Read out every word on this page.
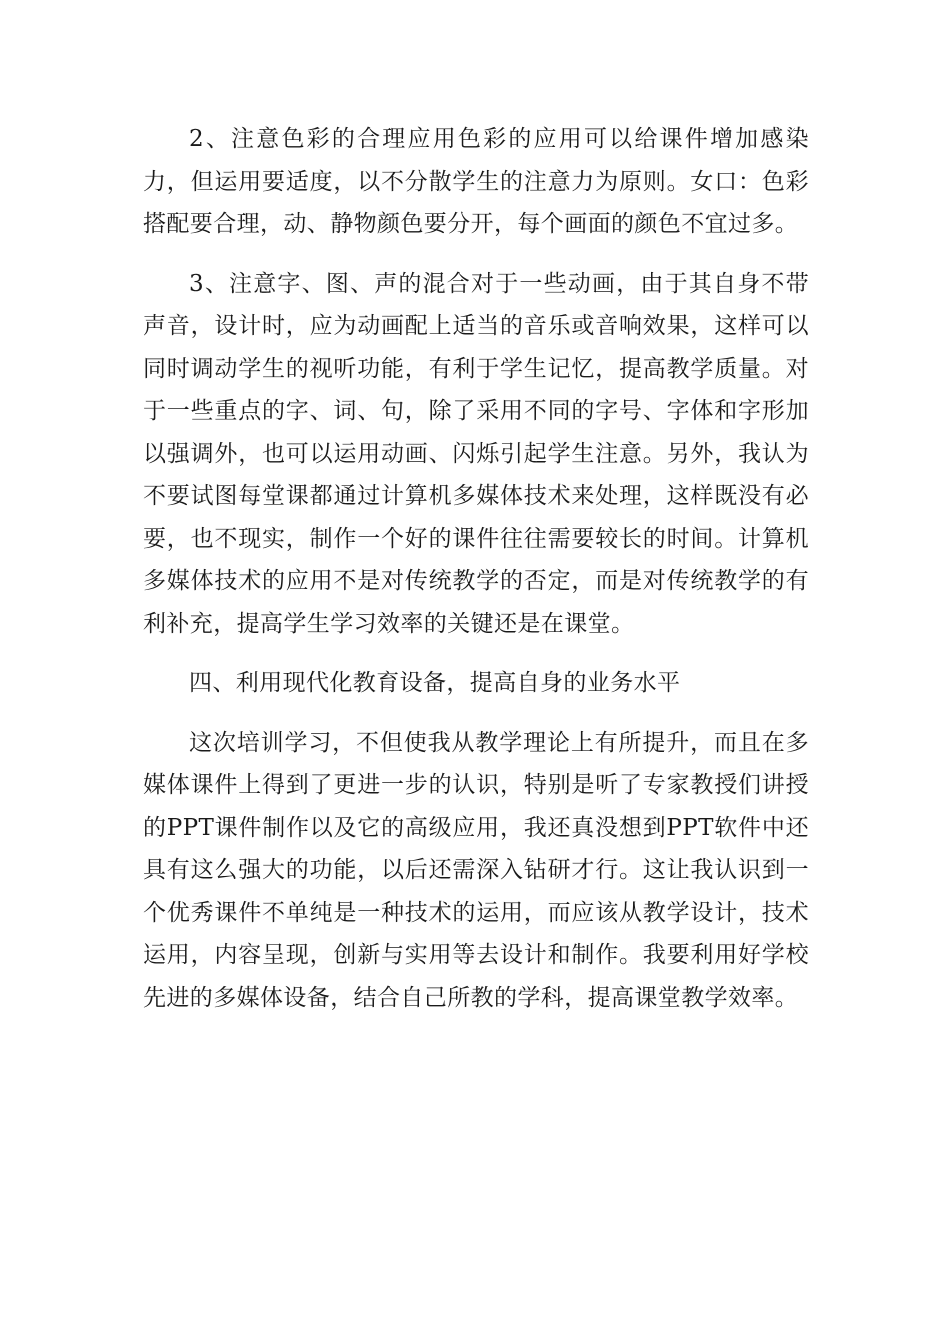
2、注意色彩的合理应用色彩的应用可以给课件增加感染力，但运用要适度，以不分散学生的注意力为原则。女口：色彩搭配要合理，动、静物颜色要分开，每个画面的颜色不宜过多。

3、注意字、图、声的混合对于一些动画，由于其自身不带声音，设计时，应为动画配上适当的音乐或音响效果，这样可以同时调动学生的视听功能，有利于学生记忆，提高教学质量。对于一些重点的字、词、句，除了采用不同的字号、字体和字形加以强调外，也可以运用动画、闪烁引起学生注意。另外，我认为不要试图每堂课都通过计算机多媒体技术来处理，这样既没有必要，也不现实，制作一个好的课件往往需要较长的时间。计算机多媒体技术的应用不是对传统教学的否定，而是对传统教学的有利补充，提高学生学习效率的关键还是在课堂。

四、利用现代化教育设备，提高自身的业务水平

这次培训学习，不但使我从教学理论上有所提升，而且在多媒体课件上得到了更进一步的认识，特别是听了专家教授们讲授的PPT课件制作以及它的高级应用，我还真没想到PPT软件中还具有这么强大的功能，以后还需深入钻研才行。这让我认识到一个优秀课件不单纯是一种技术的运用，而应该从教学设计，技术运用，内容呈现，创新与实用等去设计和制作。我要利用好学校先进的多媒体设备，结合自己所教的学科，提高课堂教学效率。
